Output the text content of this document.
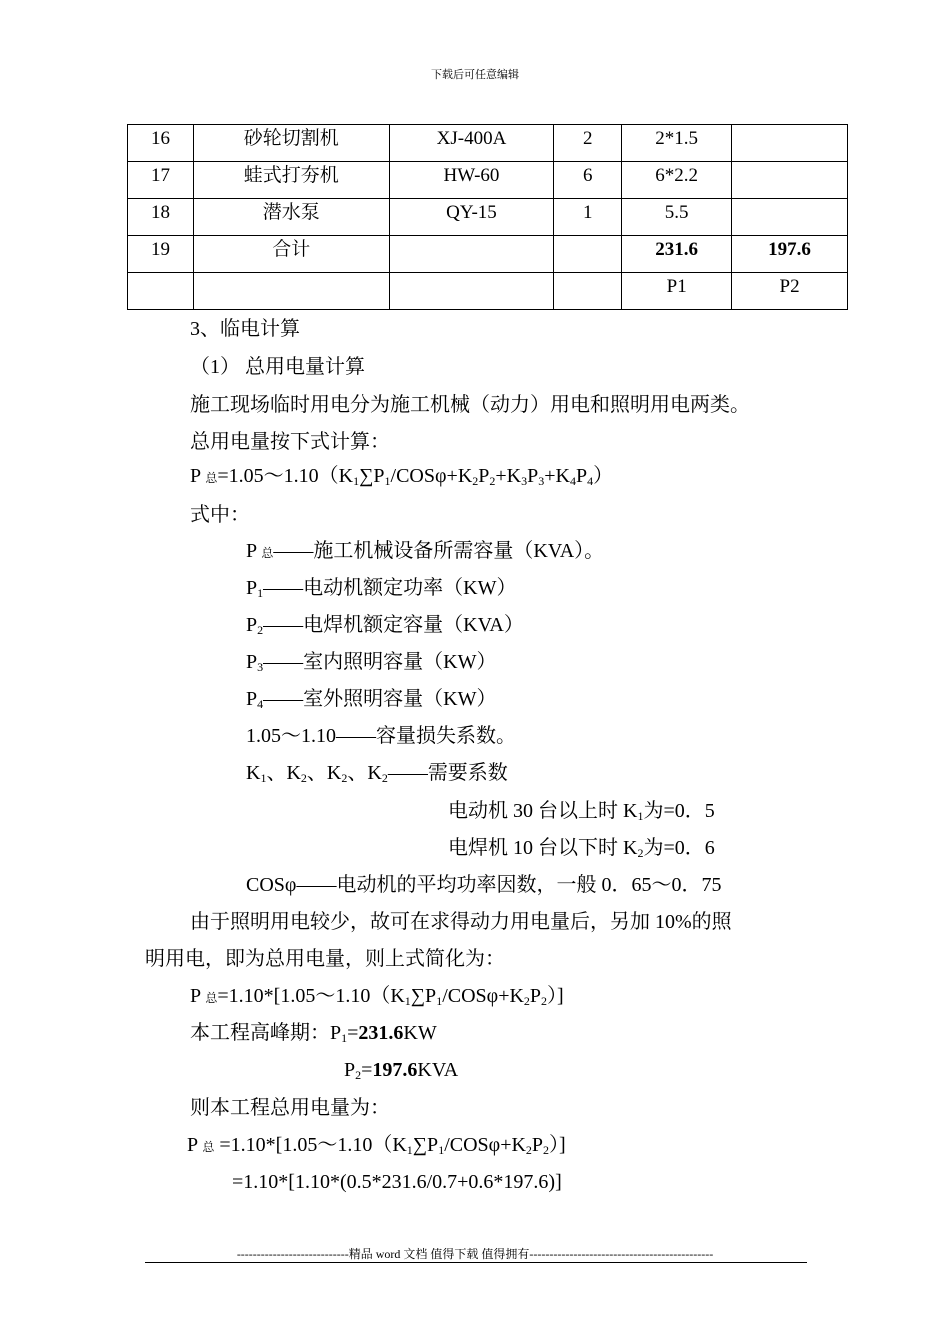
下载后可任意编辑
16	砂轮切割机	XJ-400A	2	2*1.5	
17	蛙式打夯机	HW-60	6	6*2.2	
18	潜水泵	QY-15	1	5.5	
19	合计			231.6	197.6
				P1	P2
3、临电计算
（1） 总用电量计算
施工现场临时用电分为施工机械（动力）用电和照明用电两类。
总用电量按下式计算：
P 总$=1.05\sim 1.10(K_1\sum P_1/COS\varphi+K_2P_2+K_3P_3+K_4P_4)$
式中：
P 总——施工机械设备所需容量（KVA）。
$P_1——$电动机额定功率（KW）
$P_2——$电焊机额定容量（KVA）
$P_3——$室内照明容量（KW）
$P_4——$室外照明容量（KW）
1.05～1.10——容量损失系数。
$K_1$、$K_2$、$K_2$、$K_2——$需要系数
电动机 30 台以上时 $K_1$为=0．5
电焊机 10 台以下时 $K_2$为=0．6
COSφ——电动机的平均功率因数，一般 0．65～0．75
由于照明用电较少，故可在求得动力用电量后，另加 10%的照
明用电，即为总用电量，则上式简化为：
P 总$=1.10*[1.05\sim 1.10(K_1\sum P_1/COS\varphi+K_2P_2)]$
本工程高峰期：$P_1=231.6KW$
$P_2=197.6KVA$
则本工程总用电量为：
P 总 $=1.10*[1.05\sim 1.10(K_1\sum P_1/COS\varphi+K_2P_2)]$
=1.10*[1.10*(0.5*231.6/0.7+0.6*197.6)]
----------------------------精品 word 文档 值得下载 值得拥有----------------------------------------------
